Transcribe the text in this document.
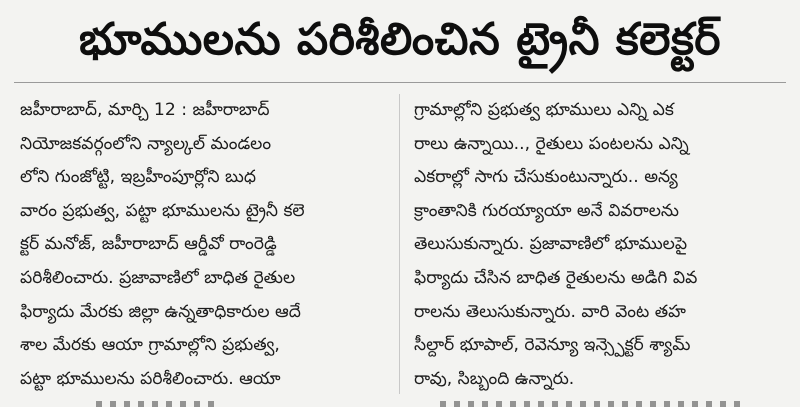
భూములను పరిశీలించిన ట్రైనీ కలెక్టర్
జహీరాబాద్, మార్చి 12 : జహీరాబాద్
నియోజకవర్గంలోని న్యాల్కల్ మండలం
లోని గుంజోట్టి, ఇబ్రహీంపూర్లోని బుధ
వారం ప్రభుత్వ, పట్టా భూములను ట్రైనీ కలె
క్టర్ మనోజ్, జహీరాబాద్ ఆర్డీవో రాంరెడ్డి
పరిశీలించారు. ప్రజావాణిలో బాధిత రైతుల
ఫిర్యాదు మేరకు జిల్లా ఉన్నతాధికారుల ఆదే
శాల మేరకు ఆయా గ్రామాల్లోని ప్రభుత్వ,
పట్టా భూములను పరిశీలించారు. ఆయా
గ్రామాల్లోని ప్రభుత్వ భూములు ఎన్ని ఎక
రాలు ఉన్నాయి.., రైతులు పంటలను ఎన్ని
ఎకరాల్లో సాగు చేసుకుంటున్నారు.. అన్య
క్రాంతానికి గురయ్యాయా అనే వివరాలను
తెలుసుకున్నారు. ప్రజావాణిలో భూములపై
ఫిర్యాదు చేసిన బాధిత రైతులను అడిగి వివ
రాలను తెలుసుకున్నారు. వారి వెంట తహ
సీల్దార్ భూపాల్, రెవెన్యూ ఇన్స్పెక్టర్ శ్యామ్
రావు, సిబ్బంది ఉన్నారు.
